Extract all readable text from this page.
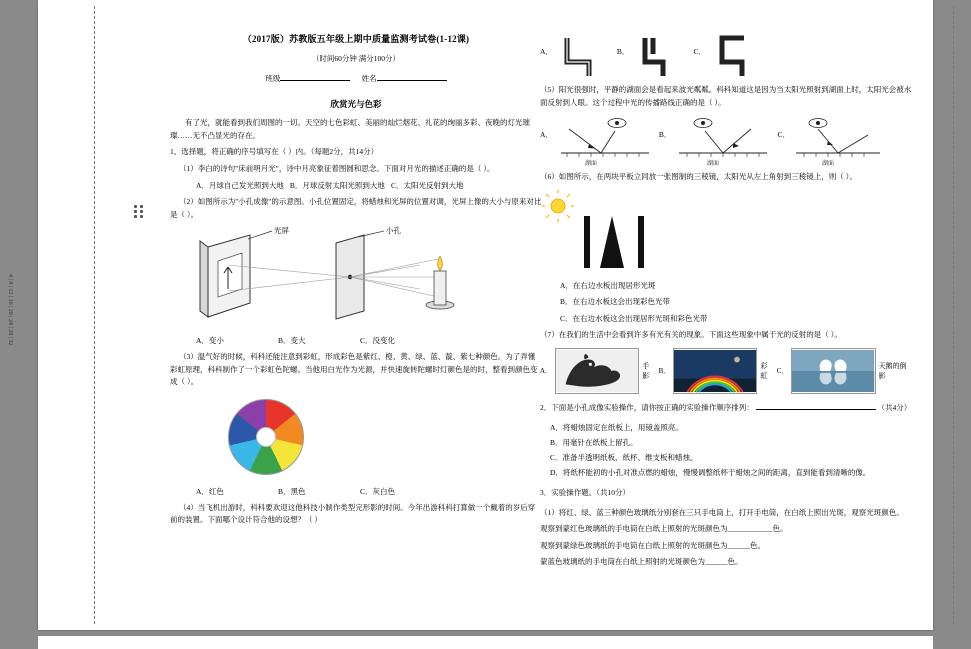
（2017版）苏教版五年级上期中质量监测考试卷(1-12课)
（时间60分钟 满分100分）
班级	姓名
欣赏光与色彩

有了光，就能看到我们周围的一切。天空的七色彩虹、美丽的灿烂烟花、礼花的绚丽多彩、夜晚的灯光璀璨……无不凸显光的存在。

1、选择题，将正确的序号填写在（ ）内。（每题2分，共14分）

（1）李白的诗句"床前明月光"，诗中月亮象征着图圆和思念。下面对月光的描述正确的是（ ）。

A．月球自己发光照到大地 B．月球反射太阳光照到大地 C．太阳光反射到大地

（2）如图所示为"小孔成像"的示意图。小孔位置固定，将蜡烛和光屏的位置对调，光屏上像的大小与原来对比是（ ）。

光屏	小孔
A．变小	B．变大	C．没变化

（3）温气好的时候，科科还能注意到彩虹，形成彩色是紫红、橙、黄、绿、蓝、靛、紫七种颜色。为了弄懂彩虹原理，科科制作了一个彩虹色陀螺。当他用白光作为光源，并快速旋转陀螺时灯颜色是的时，整看到颜色变成（ ）。

A．红色	B．黑色	C．灰白色

（4）当飞机出游时，科科要欢迎这他科技小制作类型完形影的时间。今年出游科科打算做一个戴着的岁后穿前的装置。下面哪个设计符合他的设想？（ ）

A．	B．	C．

（5）阳光很强时，平静的湖面会是看起来波光粼粼。科科知道这是因为当太阳光照射到湖面上时，太阳光会被水面反射到人眼。这个过程中光的传播路线正确的是（ ）。

A．
湖面
B．
湖面
C．
湖面

（6）如图所示，在两块平板立同放一张图制的三稜镜，太阳光从左上角射到三稜镜上，则（ ）。

A．在右边水板出现居形光斑

B．在右边水板这会出现彩色光带

C．在右边水板这会出现居形光斑和彩色光带

（7）在我们的生活中会看到许多有光有关的现象。下面这些现象中属于光的反射的是（ ）。

A．
手影
B．
彩虹
C．
天鹅的倒影

2．下面是小孔成像实验操作，请你按正确的实验操作顺序排列：	（共4分）

A．将蜡烛固定在纸板上，用镜盖照亮。

B．用毫针在纸板上留孔。

C．准备半透明纸板、纸杯、维支板和蜡烛。

D．将纸杯能初的小孔对准点燃的蜡烛，慢慢调整纸杯于蜡烛之间的距离，直到能看到清晰的像。

3．实验操作题。（共10分）

（1）将红、绿、蓝三种颜色玻璃纸分别套在三只手电筒上，打开手电筒，在白纸上照出光斑，观察光斑颜色。

观察到蒙红色玻璃纸的手电筒在白纸上照射的光斑颜色为____________色。

观察到蒙绿色玻璃纸的手电筒在白纸上照射的光斑颜色为______色。

蒙蓝色玻璃纸的手电筒在白纸上照射的光斑颜色为______色。
